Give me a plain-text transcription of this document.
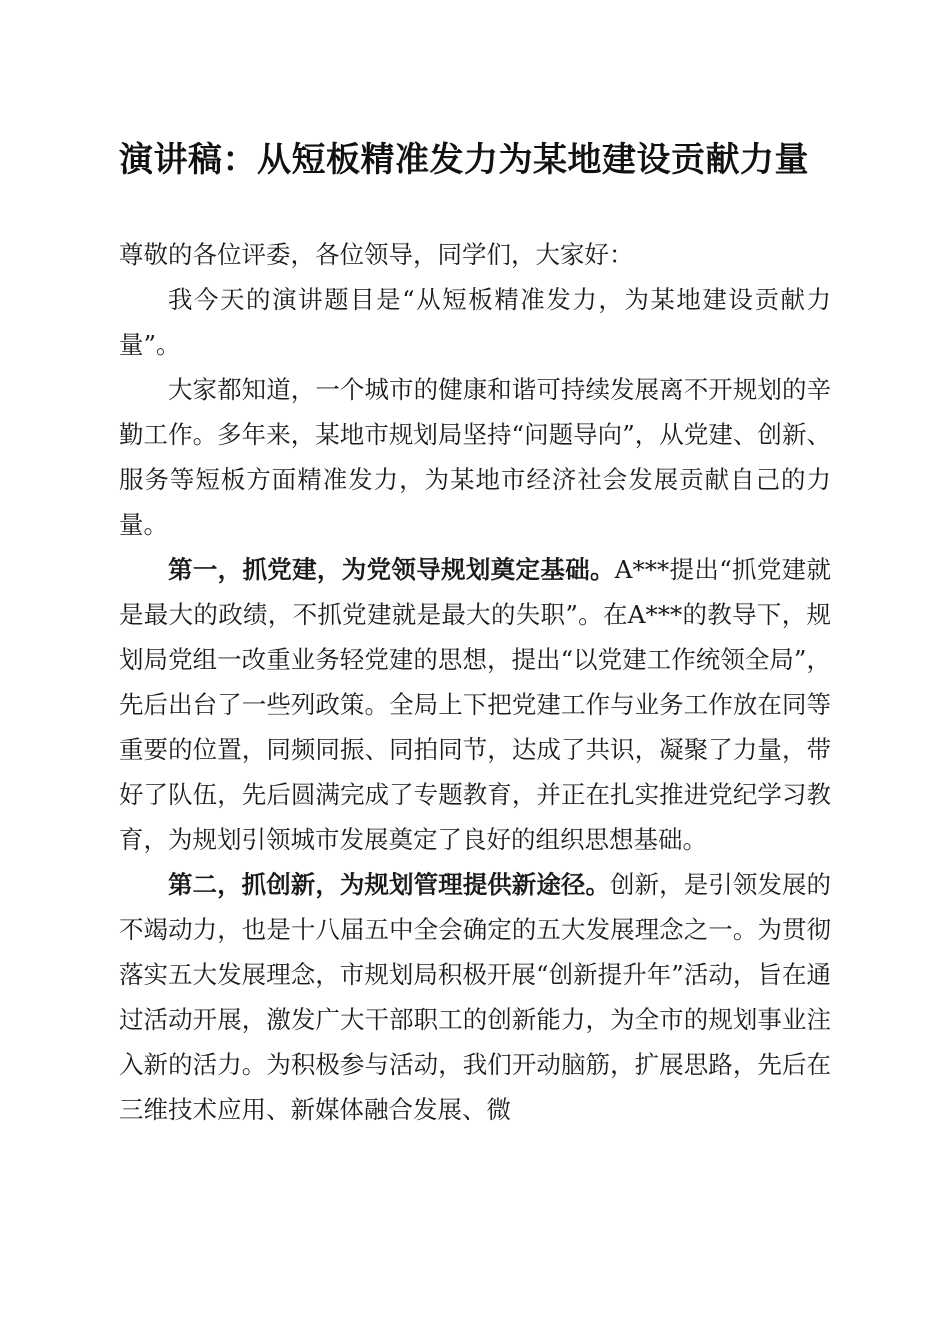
演讲稿：从短板精准发力为某地建设贡献力量

尊敬的各位评委，各位领导，同学们，大家好：

我今天的演讲题目是“从短板精准发力，为某地建设贡献力量”。

大家都知道，一个城市的健康和谐可持续发展离不开规划的辛勤工作。多年来，某地市规划局坚持“问题导向”，从党建、创新、服务等短板方面精准发力，为某地市经济社会发展贡献自己的力量。

第一，抓党建，为党领导规划奠定基础。A***提出“抓党建就是最大的政绩，不抓党建就是最大的失职”。在A***的教导下，规划局党组一改重业务轻党建的思想，提出“以党建工作统领全局”，先后出台了一些列政策。全局上下把党建工作与业务工作放在同等重要的位置，同频同振、同拍同节，达成了共识，凝聚了力量，带好了队伍，先后圆满完成了专题教育，并正在扎实推进党纪学习教育，为规划引领城市发展奠定了良好的组织思想基础。

第二，抓创新，为规划管理提供新途径。创新，是引领发展的不竭动力，也是十八届五中全会确定的五大发展理念之一。为贯彻落实五大发展理念，市规划局积极开展“创新提升年”活动，旨在通过活动开展，激发广大干部职工的创新能力，为全市的规划事业注入新的活力。为积极参与活动，我们开动脑筋，扩展思路，先后在三维技术应用、新媒体融合发展、微
